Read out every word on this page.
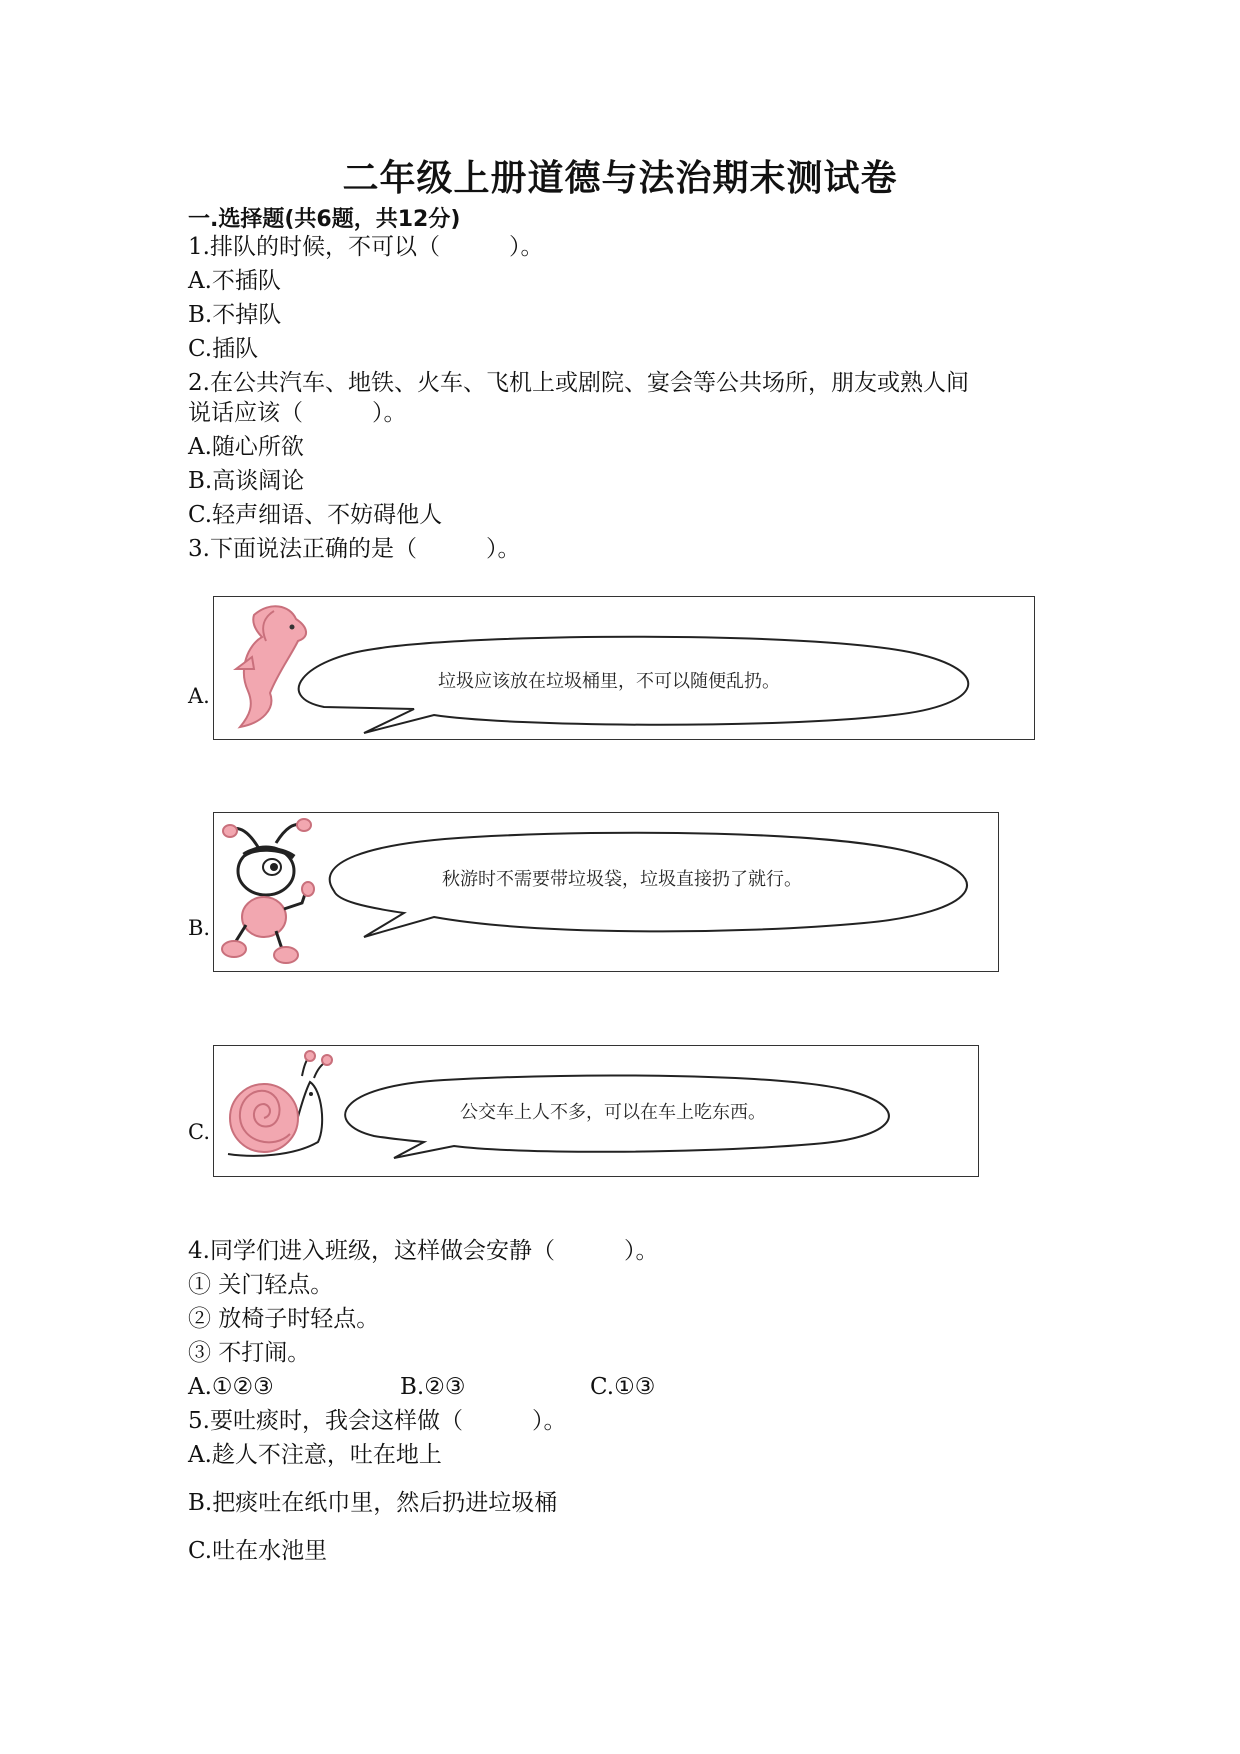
二年级上册道德与法治期末测试卷
一.选择题(共6题，共12分)
1.排队的时候，不可以（　　　）。
A.不插队
B.不掉队
C.插队
2.在公共汽车、地铁、火车、飞机上或剧院、宴会等公共场所，朋友或熟人间
说话应该（　　　）。
A.随心所欲
B.高谈阔论
C.轻声细语、不妨碍他人
3.下面说法正确的是（　　　）。
A.
垃圾应该放在垃圾桶里，不可以随便乱扔。
B.
秋游时不需要带垃圾袋，垃圾直接扔了就行。
C.
公交车上人不多，可以在车上吃东西。
4.同学们进入班级，这样做会安静（　　　）。
① 关门轻点。
② 放椅子时轻点。
③ 不打闹。
A.①②③	B.②③	C.①③
5.要吐痰时，我会这样做（　　　）。
A.趁人不注意，吐在地上
B.把痰吐在纸巾里，然后扔进垃圾桶
C.吐在水池里
